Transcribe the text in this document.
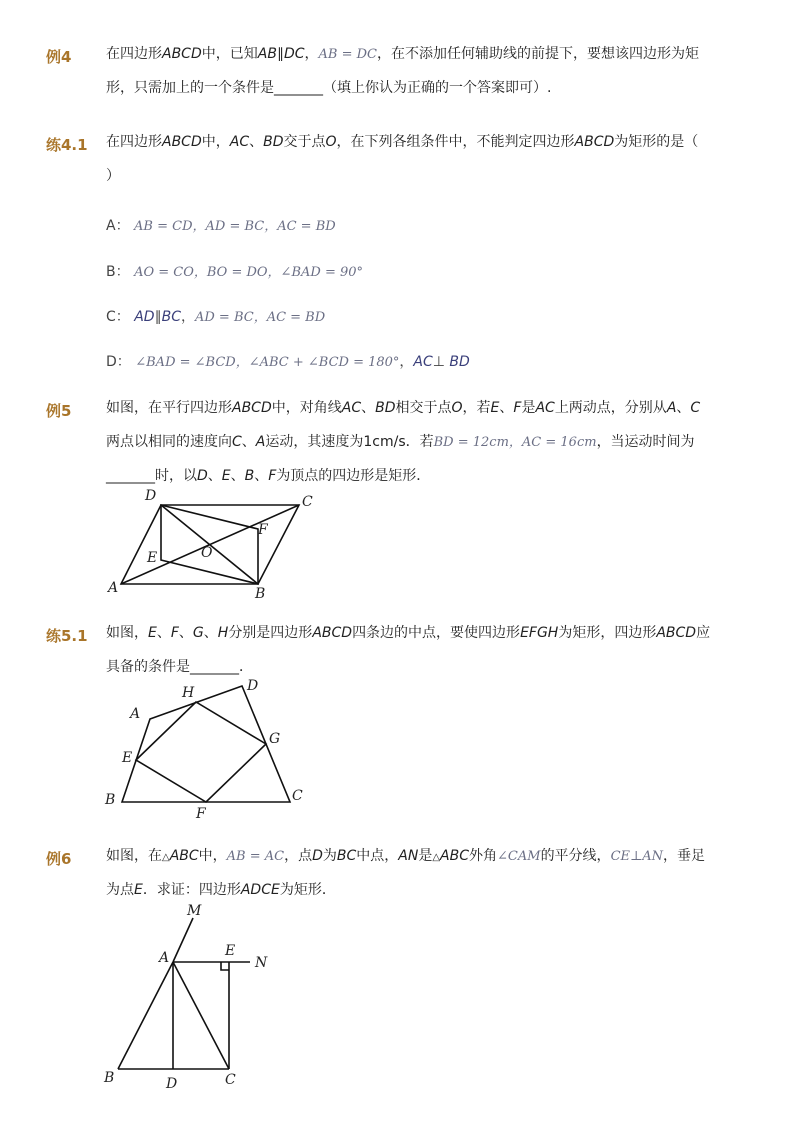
例4 在四边形ABCD中，已知AB∥DC，AB = DC，在不添加任何辅助线的前提下，要想该四边形为矩
形，只需加上的一个条件是_______（填上你认为正确的一个答案即可）.
练4.1 在四边形ABCD中，AC、BD交于点O，在下列各组条件中，不能判定四边形ABCD为矩形的是（
）
A： AB = CD，AD = BC，AC = BD
B： AO = CO，BO = DO，∠BAD = 90°
C： AD∥BC，AD = BC，AC = BD
D： ∠BAD = ∠BCD，∠ABC + ∠BCD = 180°，AC⊥ BD
例5 如图，在平行四边形ABCD中，对角线AC、BD相交于点O，若E、F是AC上两动点，分别从A、C
两点以相同的速度向C、A运动，其速度为1cm/s．若BD = 12cm，AC = 16cm，当运动时间为
_______时，以D、E、B、F为顶点的四边形是矩形．
A	B
C
D
E
F
O
A
B	C
D
E
F
G
H
A
B	C
D
E
M
N
练5.1 如图，E、F、G、H分别是四边形ABCD四条边的中点，要使四边形EFGH为矩形，四边形ABCD应
具备的条件是_______．
例6 如图，在△ABC中，AB = AC，点D为BC中点，AN是△ABC外角∠CAM的平分线，CE⊥AN，垂足
为点E．求证：四边形ADCE为矩形．
